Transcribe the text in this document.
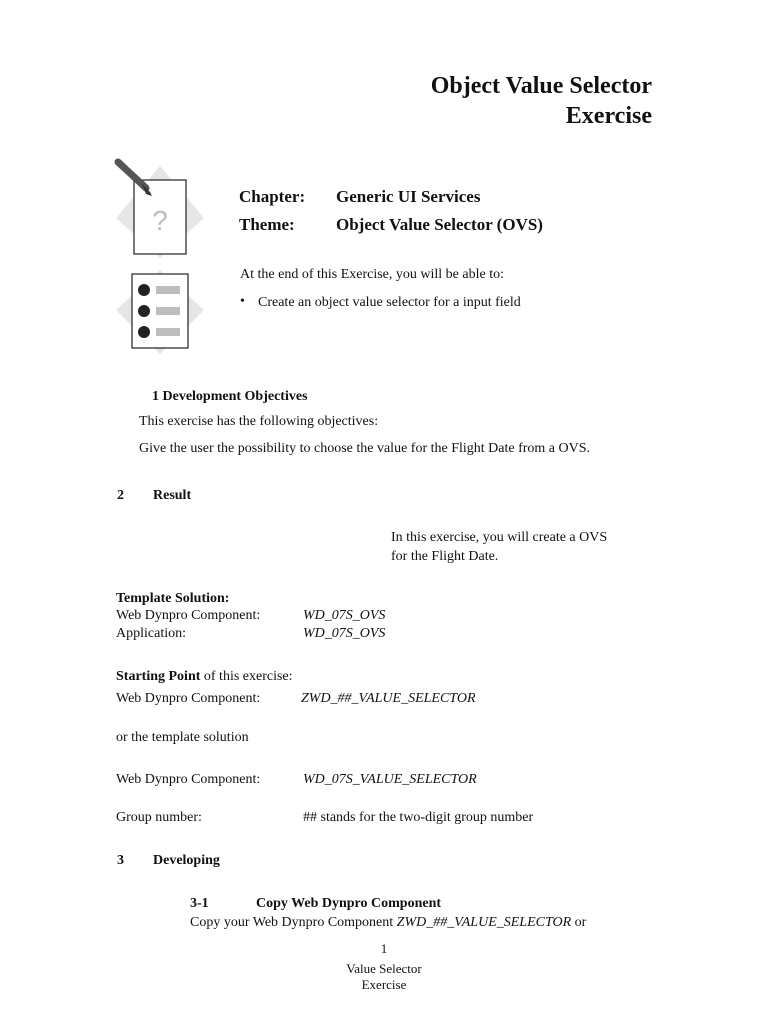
Object Value Selector
Exercise
?
Chapter: Generic UI Services
Theme: Object Value Selector (OVS)
At the end of this Exercise, you will be able to:
• Create an object value selector for a input field
1 Development Objectives
This exercise has the following objectives:
Give the user the possibility to choose the value for the Flight Date from a OVS.
2 Result
In this exercise, you will create a OVS
for the Flight Date.
Template Solution:
Web Dynpro Component:	WD_07S_OVS
Application:	WD_07S_OVS
Starting Point of this exercise:
Web Dynpro Component:	ZWD_##_VALUE_SELECTOR
or the template solution
Web Dynpro Component:	WD_07S_VALUE_SELECTOR
Group number:	## stands for the two-digit group number
3 Developing
3-1	Copy Web Dynpro Component
Copy your Web Dynpro Component ZWD_##_VALUE_SELECTOR or
1
Value Selector
Exercise
